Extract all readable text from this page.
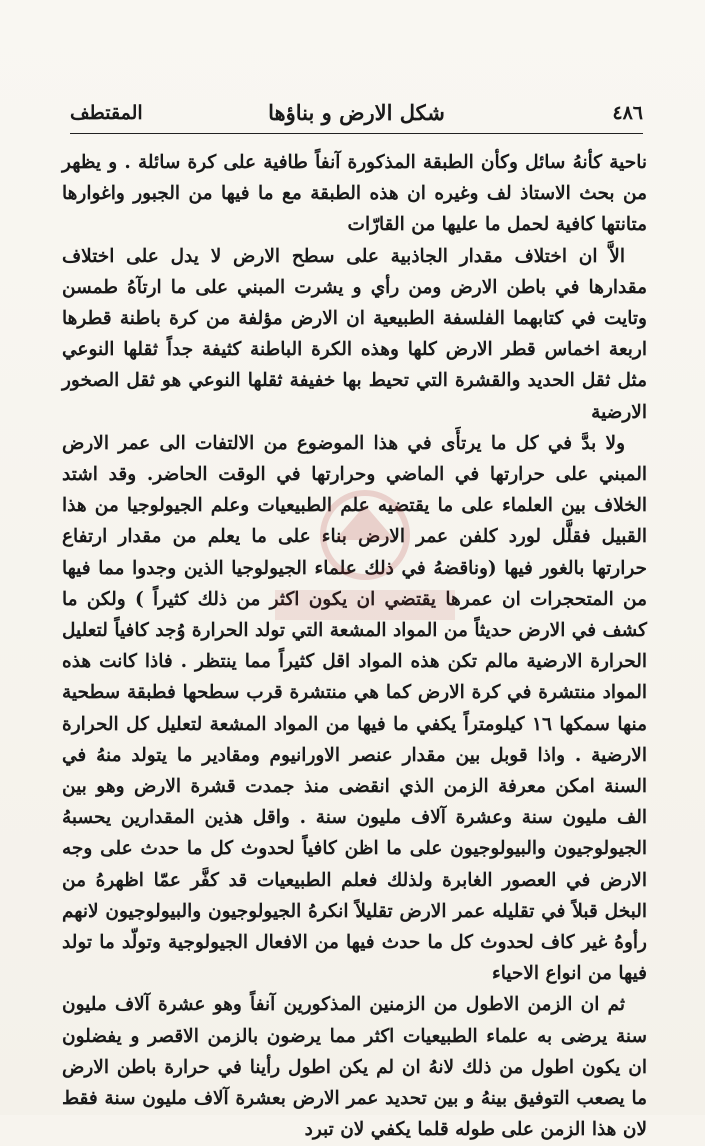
٤٨٦
شكل الارض و بناؤها
المقتطف

ناحية كأنهُ سائل وكأن الطبقة المذكورة آنفاً طافية على كرة سائلة . و يظهر من بحث الاستاذ لف وغيره ان هذه الطبقة مع ما فيها من الجبور واغوارها متانتها كافية لحمل ما عليها من القارّات

الاَّ ان اختلاف مقدار الجاذبية على سطح الارض لا يدل على اختلاف مقدارها في باطن الارض ومن رأي و يشرت المبني على ما ارتآهُ طمسن وتايت في كتابهما الفلسفة الطبيعية ان الارض مؤلفة من كرة باطنة قطرها اربعة اخماس قطر الارض كلها وهذه الكرة الباطنة كثيفة جداً ثقلها النوعي مثل ثقل الحديد والقشرة التي تحيط بها خفيفة ثقلها النوعي هو ثقل الصخور الارضية

ولا بدَّ في كل ما يرتأَى في هذا الموضوع من الالتفات الى عمر الارض المبني على حرارتها في الماضي وحرارتها في الوقت الحاضر. وقد اشتد الخلاف بين العلماء على ما يقتضيه علم الطبيعيات وعلم الجيولوجيا من هذا القبيل فقلَّل لورد كلفن عمر الارض بناء على ما يعلم من مقدار ارتفاع حرارتها بالغور فيها (وناقضهُ في ذلك علماء الجيولوجيا الذين وجدوا مما فيها من المتحجرات ان عمرها يقتضي ان يكون اكثر من ذلك كثيراً ) ولكن ما كشف في الارض حديثاً من المواد المشعة التي تولد الحرارة وُجد كافياً لتعليل الحرارة الارضية مالم تكن هذه المواد اقل كثيراً مما ينتظر . فاذا كانت هذه المواد منتشرة في كرة الارض كما هي منتشرة قرب سطحها فطبقة سطحية منها سمكها ١٦ كيلومتراً يكفي ما فيها من المواد المشعة لتعليل كل الحرارة الارضية . واذا قوبل بين مقدار عنصر الاورانيوم ومقادير ما يتولد منهُ في السنة امكن معرفة الزمن الذي انقضى منذ جمدت قشرة الارض وهو بين الف مليون سنة وعشرة آلاف مليون سنة . واقل هذين المقدارين يحسبهُ الجيولوجيون والبيولوجيون على ما اظن كافياً لحدوث كل ما حدث على وجه الارض في العصور الغابرة ولذلك فعلم الطبيعيات قد كفَّر عمّا اظهرهُ من البخل قبلاً في تقليله عمر الارض تقليلاً انكرهُ الجيولوجيون والبيولوجيون لانهم رأوهُ غير كاف لحدوث كل ما حدث فيها من الافعال الجيولوجية وتولّد ما تولد فيها من انواع الاحياء

ثم ان الزمن الاطول من الزمنين المذكورين آنفاً وهو عشرة آلاف مليون سنة يرضى به علماء الطبيعيات اكثر مما يرضون بالزمن الاقصر و يفضلون ان يكون اطول من ذلك لانهُ ان لم يكن اطول رأينا في حرارة باطن الارض ما يصعب التوفيق بينهُ و بين تحديد عمر الارض بعشرة آلاف مليون سنة فقط لان هذا الزمن على طوله قلما يكفي لان تبرد
